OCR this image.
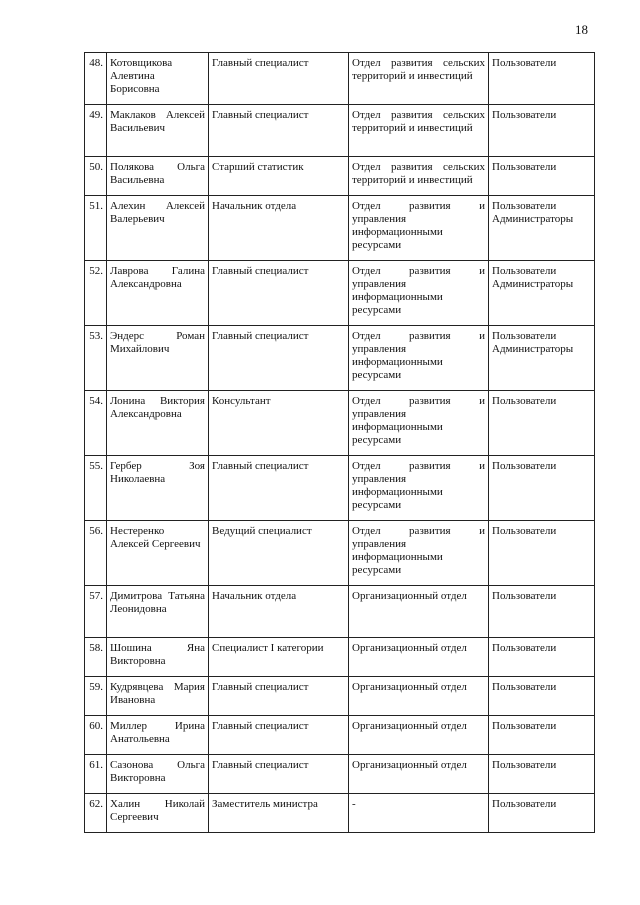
18
48.	Котовщикова Алевтина Борисовна	Главный специалист	Отдел развития сельских территорий и инвестиций	Пользователи
49.	Маклаков Алексей Васильевич	Главный специалист	Отдел развития сельских территорий и инвестиций	Пользователи
50.	Полякова Ольга Васильевна	Старший статистик	Отдел развития сельских территорий и инвестиций	Пользователи
51.	Алехин Алексей Валерьевич	Начальник отдела	Отдел развития и управления информационными ресурсами	Пользователи Администраторы
52.	Лаврова Галина Александровна	Главный специалист	Отдел развития и управления информационными ресурсами	Пользователи Администраторы
53.	Эндерс Роман Михайлович	Главный специалист	Отдел развития и управления информационными ресурсами	Пользователи Администраторы
54.	Лонина Виктория Александровна	Консультант	Отдел развития и управления информационными ресурсами	Пользователи
55.	Гербер Зоя Николаевна	Главный специалист	Отдел развития и управления информационными ресурсами	Пользователи
56.	Нестеренко Алексей Сергеевич	Ведущий специалист	Отдел развития и управления информационными ресурсами	Пользователи
57.	Димитрова Татьяна Леонидовна	Начальник отдела	Организационный отдел	Пользователи
58.	Шошина Яна Викторовна	Специалист I категории	Организационный отдел	Пользователи
59.	Кудрявцева Мария Ивановна	Главный специалист	Организационный отдел	Пользователи
60.	Миллер Ирина Анатольевна	Главный специалист	Организационный отдел	Пользователи
61.	Сазонова Ольга Викторовна	Главный специалист	Организационный отдел	Пользователи
62.	Халин Николай Сергеевич	Заместитель министра	-	Пользователи
